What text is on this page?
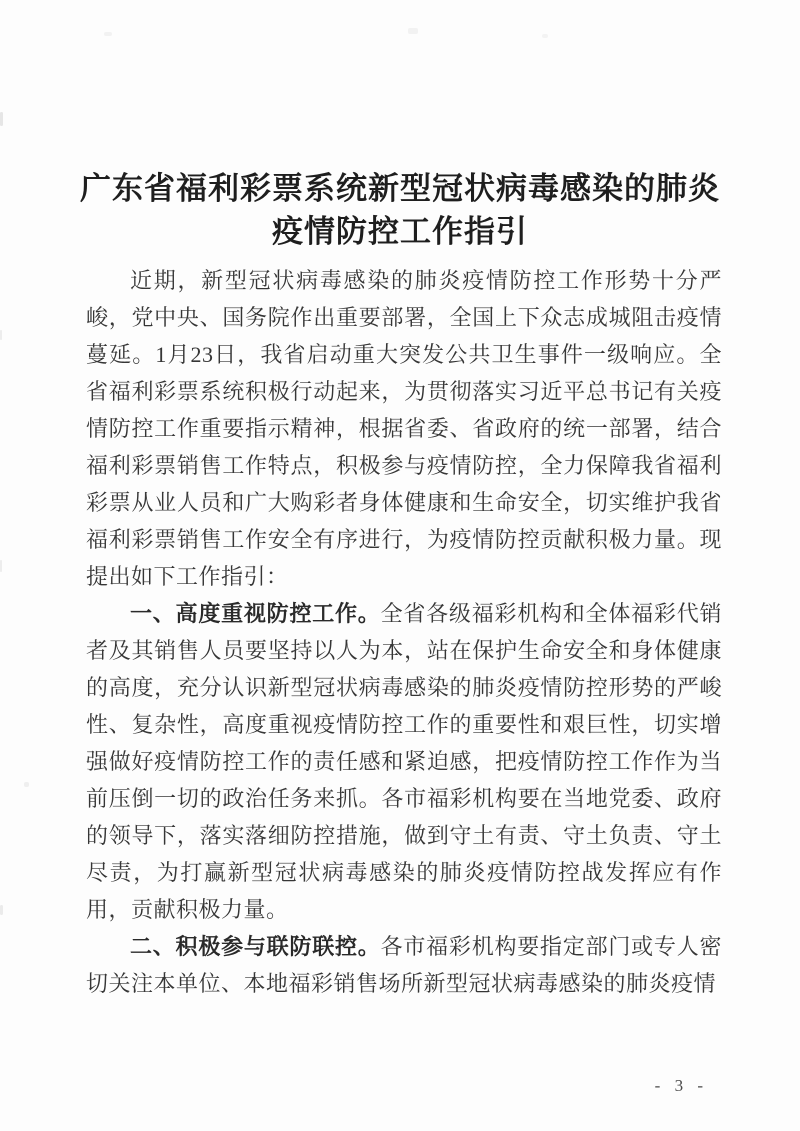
广东省福利彩票系统新型冠状病毒感染的肺炎
疫情防控工作指引

近期，新型冠状病毒感染的肺炎疫情防控工作形势十分严峻，党中央、国务院作出重要部署，全国上下众志成城阻击疫情蔓延。1月23日，我省启动重大突发公共卫生事件一级响应。全省福利彩票系统积极行动起来，为贯彻落实习近平总书记有关疫情防控工作重要指示精神，根据省委、省政府的统一部署，结合福利彩票销售工作特点，积极参与疫情防控，全力保障我省福利彩票从业人员和广大购彩者身体健康和生命安全，切实维护我省福利彩票销售工作安全有序进行，为疫情防控贡献积极力量。现提出如下工作指引：

一、高度重视防控工作。全省各级福彩机构和全体福彩代销者及其销售人员要坚持以人为本，站在保护生命安全和身体健康的高度，充分认识新型冠状病毒感染的肺炎疫情防控形势的严峻性、复杂性，高度重视疫情防控工作的重要性和艰巨性，切实增强做好疫情防控工作的责任感和紧迫感，把疫情防控工作作为当前压倒一切的政治任务来抓。各市福彩机构要在当地党委、政府的领导下，落实落细防控措施，做到守土有责、守土负责、守土尽责，为打赢新型冠状病毒感染的肺炎疫情防控战发挥应有作用，贡献积极力量。

二、积极参与联防联控。各市福彩机构要指定部门或专人密切关注本单位、本地福彩销售场所新型冠状病毒感染的肺炎疫情

- 3 -
